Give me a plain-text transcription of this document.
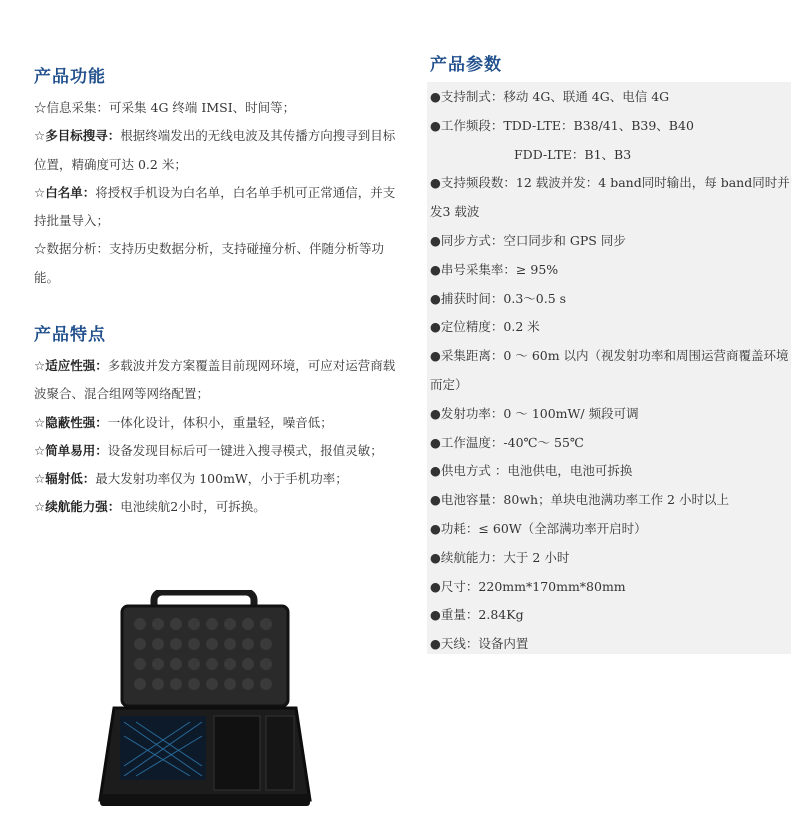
产品功能

☆信息采集：可采集 4G 终端 IMSI、时间等；

☆多目标搜寻：根据终端发出的无线电波及其传播方向搜寻到目标位置，精确度可达 0.2 米；

☆白名单：将授权手机设为白名单，白名单手机可正常通信，并支持批量导入；

☆数据分析：支持历史数据分析，支持碰撞分析、伴随分析等功能。

产品特点

☆适应性强：多载波并发方案覆盖目前现网环境，可应对运营商载波聚合、混合组网等网络配置；

☆隐蔽性强：一体化设计，体积小，重量轻，噪音低；

☆简单易用：设备发现目标后可一键进入搜寻模式，报值灵敏；

☆辐射低：最大发射功率仅为 100mW，小于手机功率；

☆续航能力强：电池续航2小时，可拆换。

产品参数

●支持制式：移动 4G、联通 4G、电信 4G

●工作频段：TDD-LTE：B38/41、B39、B40

FDD-LTE：B1、B3

●支持频段数：12 载波并发：4 band同时输出，每 band同时并发3 载波

●同步方式：空口同步和 GPS 同步

●串号采集率：≥ 95%

●捕获时间：0.3～0.5 s

●定位精度：0.2 米

●采集距离：0 ～ 60m 以内（视发射功率和周围运营商覆盖环境而定）

●发射功率：0 ～ 100mW/ 频段可调

●工作温度：-40℃～ 55℃

●供电方式 ：电池供电，电池可拆换

●电池容量：80wh；单块电池满功率工作 2 小时以上

●功耗：≤ 60W（全部满功率开启时）

●续航能力：大于 2 小时

●尺寸：220mm*170mm*80mm

●重量：2.84Kg

●天线：设备内置
